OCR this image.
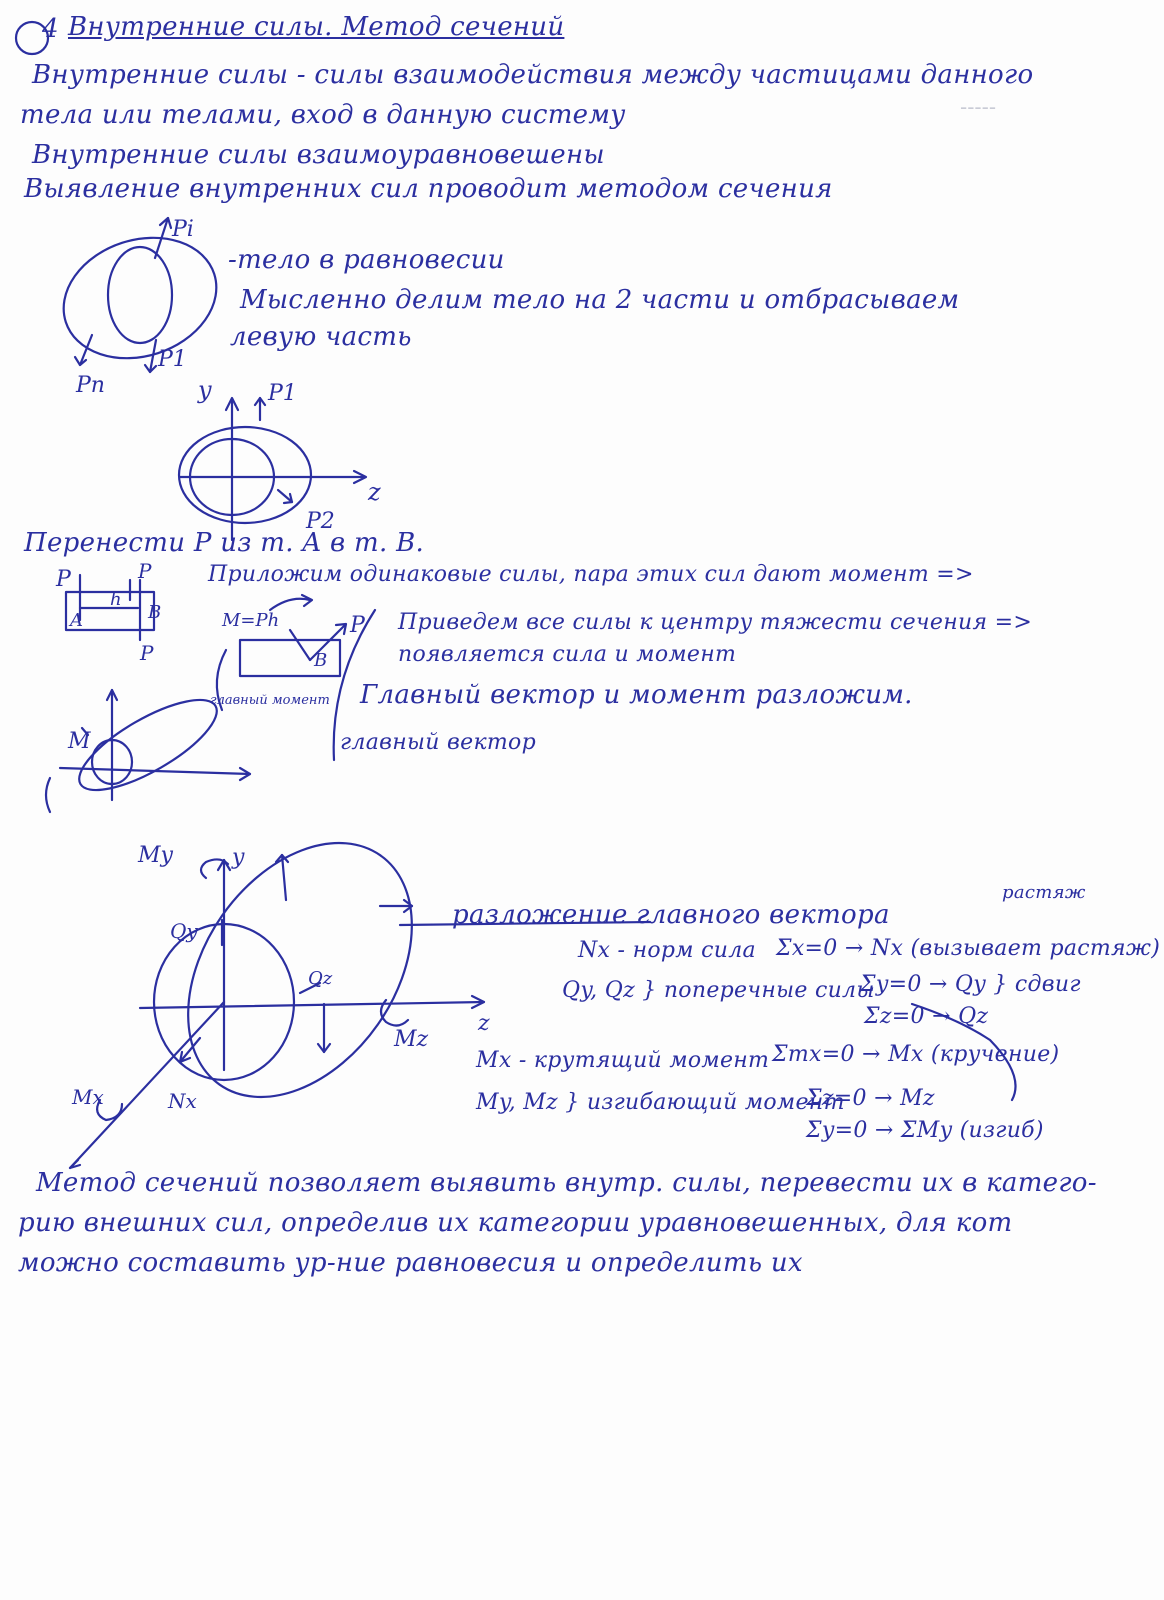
-----
Pi
Pn
P1
y	P1
z
P2
P
A
h
B
P
P
M=Ph
B
P
главный момент
M
My	y
Qy
Qz
Mz
z
Mx	Nx
4 Внутренние силы. Метод сечений
Внутренние силы - силы взаимодействия между частицами данного
тела или телами, вход в данную систему
Внутренние силы взаимоуравновешены
Выявление внутренних сил проводит методом сечения
-тело в равновесии
Мысленно делим тело на 2 части и отбрасываем
левую часть
Перенести P из т. A в т. B.
Приложим одинаковые силы, пара этих сил дают момент =>
Приведем все силы к центру тяжести сечения =>
появляется сила и момент
Главный вектор и момент разложим.
главный вектор
растяж
разложение главного вектора
Nx - норм сила Σx=0 → Nx (вызывает растяж)
Qy, Qz } поперечные силы
Σy=0 → Qy } сдвиг
Σz=0 → Qz
Mx - крутящий момент Σmx=0 → Mx (кручение)
My, Mz } изгибающий момент
Σz=0 → Mz
Σy=0 → ΣMy (изгиб)
Метод сечений позволяет выявить внутр. силы, перевести их в катего-
рию внешних сил, определив их категории уравновешенных, для кот
можно составить ур-ние равновесия и определить их
